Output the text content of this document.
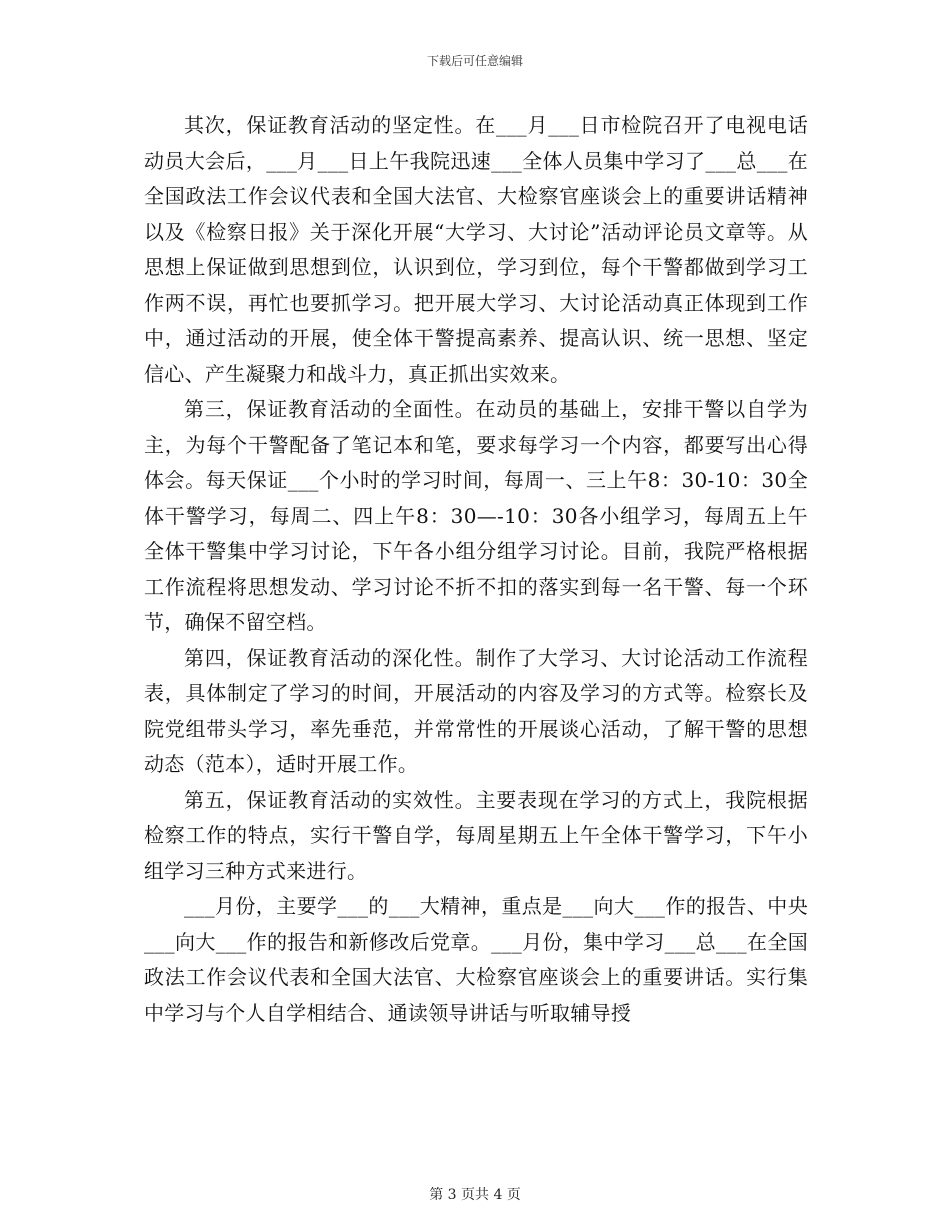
下载后可任意编辑

其次，保证教育活动的坚定性。在___月___日市检院召开了电视电话动员大会后，___月___日上午我院迅速___全体人员集中学习了___总___在全国政法工作会议代表和全国大法官、大检察官座谈会上的重要讲话精神以及《检察日报》关于深化开展“大学习、大讨论”活动评论员文章等。从思想上保证做到思想到位，认识到位，学习到位，每个干警都做到学习工作两不误，再忙也要抓学习。把开展大学习、大讨论活动真正体现到工作中，通过活动的开展，使全体干警提高素养、提高认识、统一思想、坚定信心、产生凝聚力和战斗力，真正抓出实效来。

第三，保证教育活动的全面性。在动员的基础上，安排干警以自学为主，为每个干警配备了笔记本和笔，要求每学习一个内容，都要写出心得体会。每天保证___个小时的学习时间，每周一、三上午8：30-10：30全体干警学习，每周二、四上午8：30—-10：30各小组学习，每周五上午全体干警集中学习讨论，下午各小组分组学习讨论。目前，我院严格根据工作流程将思想发动、学习讨论不折不扣的落实到每一名干警、每一个环节，确保不留空档。

第四，保证教育活动的深化性。制作了大学习、大讨论活动工作流程表，具体制定了学习的时间，开展活动的内容及学习的方式等。检察长及院党组带头学习，率先垂范，并常常性的开展谈心活动，了解干警的思想动态（范本），适时开展工作。

第五，保证教育活动的实效性。主要表现在学习的方式上，我院根据检察工作的特点，实行干警自学，每周星期五上午全体干警学习，下午小组学习三种方式来进行。

___月份，主要学___的___大精神，重点是___向大___作的报告、中央___向大___作的报告和新修改后党章。___月份，集中学习___总___在全国政法工作会议代表和全国大法官、大检察官座谈会上的重要讲话。实行集中学习与个人自学相结合、通读领导讲话与听取辅导授

第 3 页共 4 页
